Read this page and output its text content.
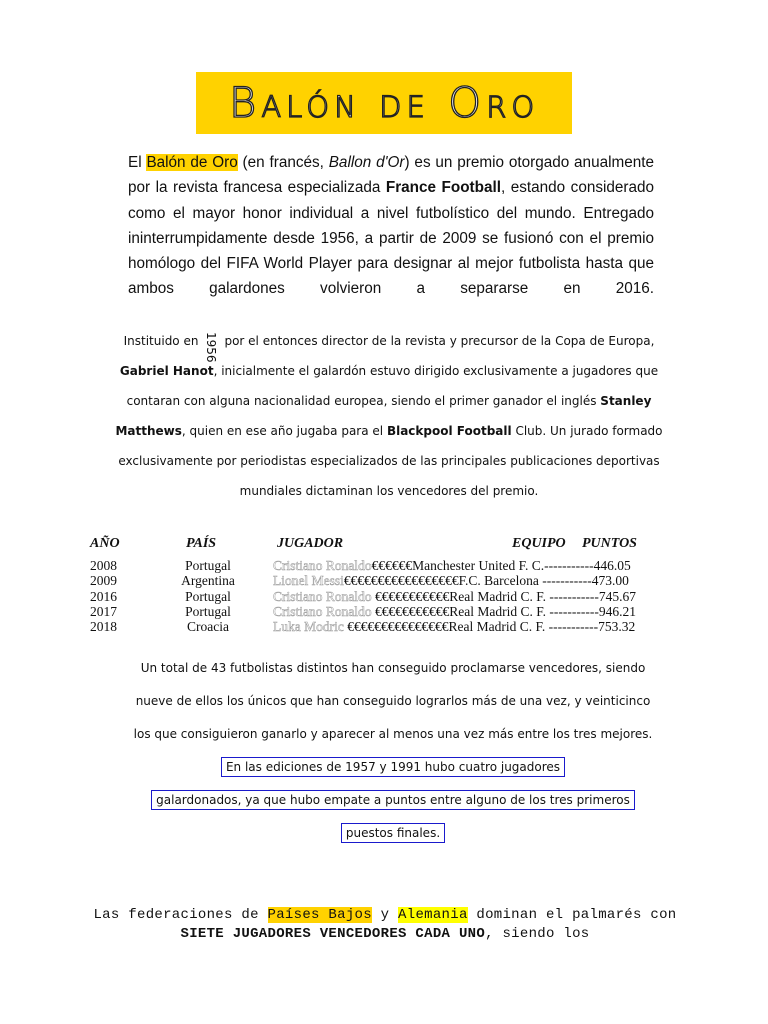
Balón de Oro
El Balón de Oro (en francés, Ballon d'Or) es un premio otorgado anualmente por la revista francesa especializada France Football, estando considerado como el mayor honor individual a nivel futbolístico del mundo. Entregado ininterrumpidamente desde 1956, a partir de 2009 se fusionó con el premio homólogo del FIFA World Player para designar al mejor futbolista hasta que ambos galardones volvieron a separarse en 2016.
Instituido en 1956 por el entonces director de la revista y precursor de la Copa de Europa, Gabriel Hanot, inicialmente el galardón estuvo dirigido exclusivamente a jugadores que contaran con alguna nacionalidad europea, siendo el primer ganador el inglés Stanley Matthews, quien en ese año jugaba para el Blackpool Football Club. Un jurado formado exclusivamente por periodistas especializados de las principales publicaciones deportivas mundiales dictaminan los vencedores del premio.
AÑO	PAÍS	JUGADOR	EQUIPO PUNTOS
2008	Portugal	Cristiano Ronaldo€€€€€€Manchester United F. C.-----------446.05
2009	Argentina	Lionel Messi€€€€€€€€€€€€€€€€€F.C. Barcelona -----------473.00
2016	Portugal	Cristiano Ronaldo €€€€€€€€€€€Real Madrid C. F. -----------745.67
2017	Portugal	Cristiano Ronaldo €€€€€€€€€€€Real Madrid C. F. -----------946.21
2018	Croacia	Luka Modric €€€€€€€€€€€€€€€Real Madrid C. F. -----------753.32
Un total de 43 futbolistas distintos han conseguido proclamarse vencedores, siendo nueve de ellos los únicos que han conseguido lograrlos más de una vez, y veinticinco los que consiguieron ganarlo y aparecer al menos una vez más entre los tres mejores. En las ediciones de 1957 y 1991 hubo cuatro jugadores
galardonados, ya que hubo empate a puntos entre alguno de los tres primeros
puestos finales.
Las federaciones de Países Bajos y Alemania dominan el palmarés con SIETE JUGADORES VENCEDORES CADA UNO, siendo los
